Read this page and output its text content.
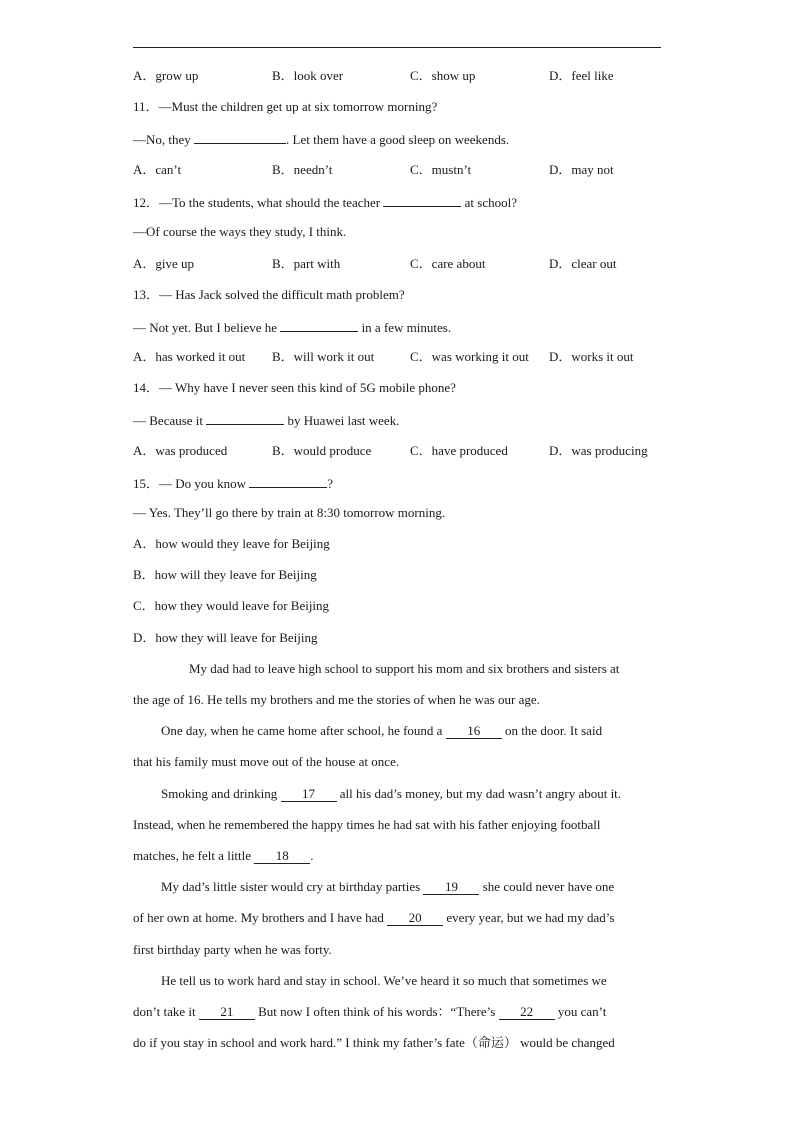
A．grow up	B．look over	C．show up	D．feel like
11．—Must the children get up at six tomorrow morning?
—No, they	. Let them have a good sleep on weekends.
A．can’t	B．needn’t	C．mustn’t	D．may not
12．—To the students, what should the teacher	at school?
—Of course the ways they study, I think.
A．give up	B．part with	C．care about	D．clear out
13．— Has Jack solved the difficult math problem?
— Not yet. But I believe he	in a few minutes.
A．has worked it out B．will work it out	C．was working it out D．works it out
14．— Why have I never seen this kind of 5G mobile phone?
— Because it	by Huawei last week.
A．was produced	B．would produce	C．have produced	D．was producing
15．— Do you know	?
— Yes. They’ll go there by train at 8:30 tomorrow morning.
A．how would they leave for Beijing
B．how will they leave for Beijing
C．how they would leave for Beijing
D．how they will leave for Beijing
My dad had to leave high school to support his mom and six brothers and sisters at
the age of 16. He tells my brothers and me the stories of when he was our age.
One day, when he came home after school, he found a 16 on the door. It said
that his family must move out of the house at once.
Smoking and drinking 17 all his dad’s money, but my dad wasn’t angry about it.
Instead, when he remembered the happy times he had sat with his father enjoying football
matches, he felt a little 18 .
My dad’s little sister would cry at birthday parties 19 she could never have one
of her own at home. My brothers and I have had 20 every year, but we had my dad’s
first birthday party when he was forty.
He tell us to work hard and stay in school. We’ve heard it so much that sometimes we
don’t take it 21 But now I often think of his words：“There’s 22 you can’t
do if you stay in school and work hard.” I think my father’s fate（命运） would be changed
